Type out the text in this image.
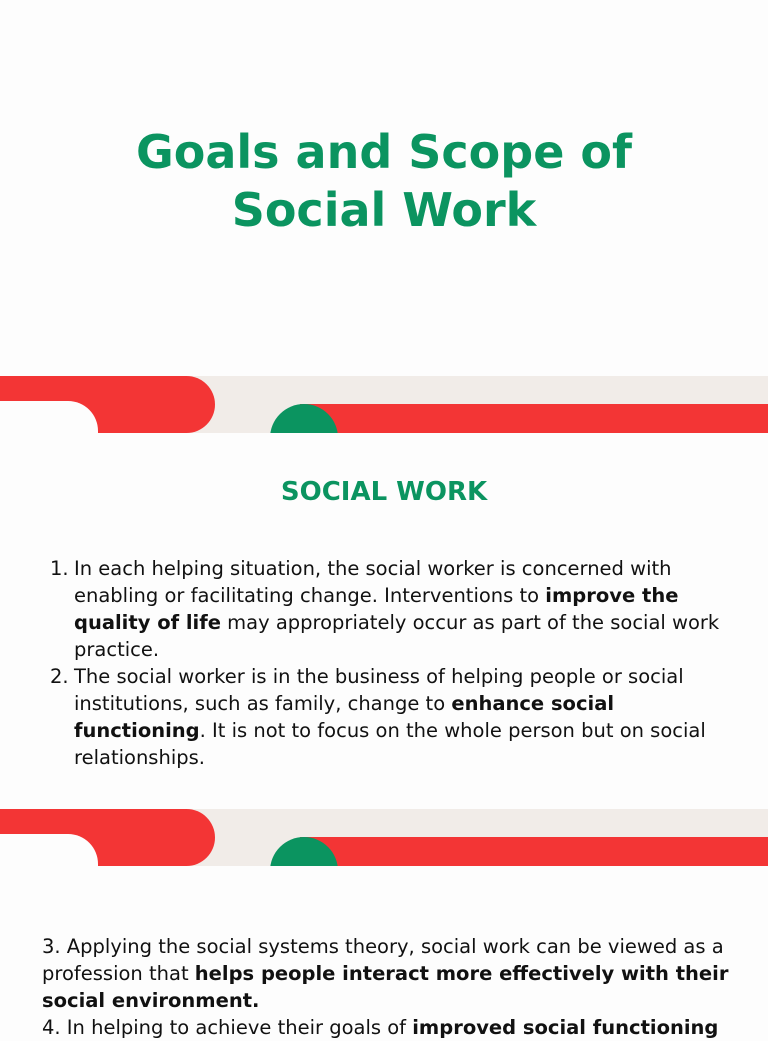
Goals and Scope of
Social Work
SOCIAL WORK
1. In each helping situation, the social worker is concerned with enabling or facilitating change. Interventions to improve the quality of life may appropriately occur as part of the social work practice.
2. The social worker is in the business of helping people or social institutions, such as family, change to enhance social functioning. It is not to focus on the whole person but on social relationships.

3. Applying the social systems theory, social work can be viewed as a profession that helps people interact more effectively with their social environment.

4. In helping to achieve their goals of improved social functioning
